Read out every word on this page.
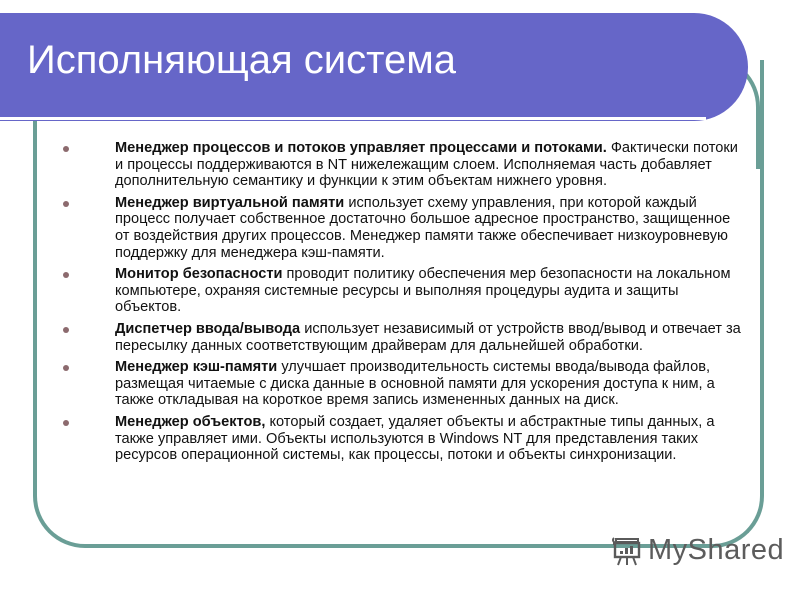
Исполняющая система
Менеджер процессов и потоков управляет процессами и потоками. Фактически потоки и процессы поддерживаются в NT нижележащим слоем. Исполняемая часть добавляет дополнительную семантику и функции к этим объектам нижнего уровня.
Менеджер виртуальной памяти использует схему управления, при которой каждый процесс получает собственное достаточно большое адресное пространство, защищенное от воздействия других процессов. Менеджер памяти также обеспечивает низкоуровневую поддержку для менеджера кэш-памяти.
Монитор безопасности проводит политику обеспечения мер безопасности на локальном компьютере, охраняя системные ресурсы и выполняя процедуры аудита и защиты объектов.
Диспетчер ввода/вывода использует независимый от устройств ввод/вывод и отвечает за пересылку данных соответствующим драйверам для дальнейшей обработки.
Менеджер кэш-памяти улучшает производительность системы ввода/вывода файлов, размещая читаемые с диска данные в основной памяти для ускорения доступа к ним, а также откладывая на короткое время запись измененных данных на диск.
Менеджер объектов, который создает, удаляет объекты и абстрактные типы данных, а также управляет ими. Объекты используются в Windows NT для представления таких ресурсов операционной системы, как процессы, потоки и объекты синхронизации.
MyShared
